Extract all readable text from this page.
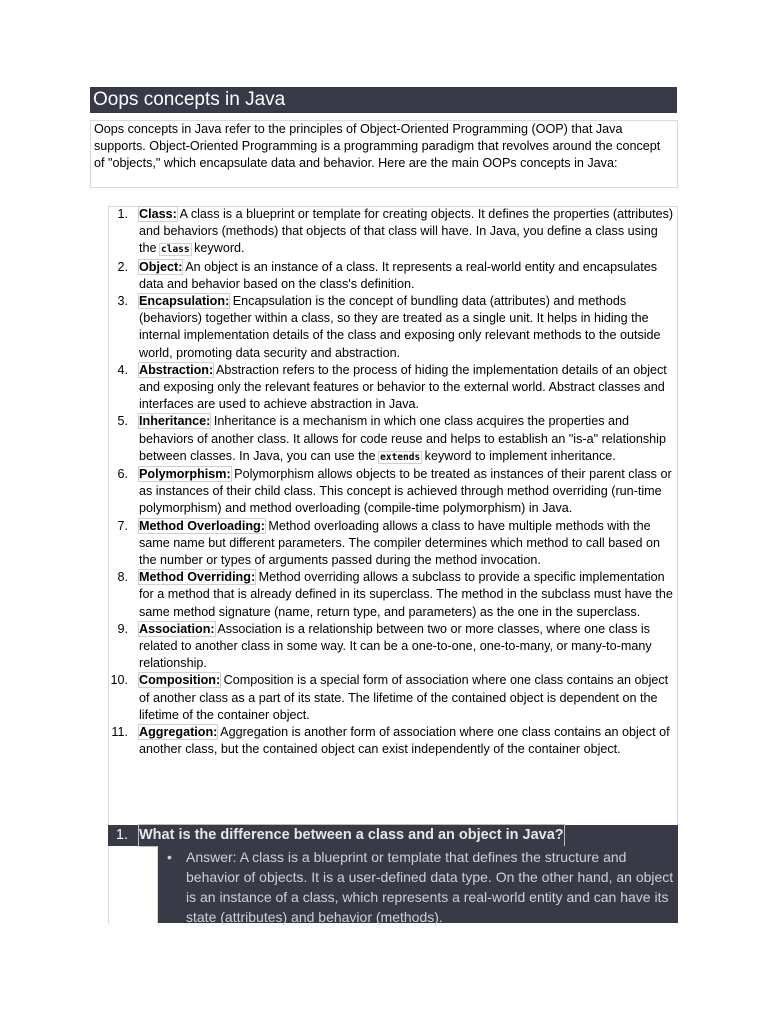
Oops concepts in Java
Oops concepts in Java refer to the principles of Object-Oriented Programming (OOP) that Java supports. Object-Oriented Programming is a programming paradigm that revolves around the concept of "objects," which encapsulate data and behavior. Here are the main OOPs concepts in Java:
1. Class: A class is a blueprint or template for creating objects. It defines the properties (attributes) and behaviors (methods) that objects of that class will have. In Java, you define a class using the class keyword.
2. Object: An object is an instance of a class. It represents a real-world entity and encapsulates data and behavior based on the class's definition.
3. Encapsulation: Encapsulation is the concept of bundling data (attributes) and methods (behaviors) together within a class, so they are treated as a single unit. It helps in hiding the internal implementation details of the class and exposing only relevant methods to the outside world, promoting data security and abstraction.
4. Abstraction: Abstraction refers to the process of hiding the implementation details of an object and exposing only the relevant features or behavior to the external world. Abstract classes and interfaces are used to achieve abstraction in Java.
5. Inheritance: Inheritance is a mechanism in which one class acquires the properties and behaviors of another class. It allows for code reuse and helps to establish an "is-a" relationship between classes. In Java, you can use the extends keyword to implement inheritance.
6. Polymorphism: Polymorphism allows objects to be treated as instances of their parent class or as instances of their child class. This concept is achieved through method overriding (run-time polymorphism) and method overloading (compile-time polymorphism) in Java.
7. Method Overloading: Method overloading allows a class to have multiple methods with the same name but different parameters. The compiler determines which method to call based on the number or types of arguments passed during the method invocation.
8. Method Overriding: Method overriding allows a subclass to provide a specific implementation for a method that is already defined in its superclass. The method in the subclass must have the same method signature (name, return type, and parameters) as the one in the superclass.
9. Association: Association is a relationship between two or more classes, where one class is related to another class in some way. It can be a one-to-one, one-to-many, or many-to-many relationship.
10. Composition: Composition is a special form of association where one class contains an object of another class as a part of its state. The lifetime of the contained object is dependent on the lifetime of the container object.
11. Aggregation: Aggregation is another form of association where one class contains an object of another class, but the contained object can exist independently of the container object.
1. What is the difference between a class and an object in Java?
• Answer: A class is a blueprint or template that defines the structure and behavior of objects. It is a user-defined data type. On the other hand, an object is an instance of a class, which represents a real-world entity and can have its state (attributes) and behavior (methods).
